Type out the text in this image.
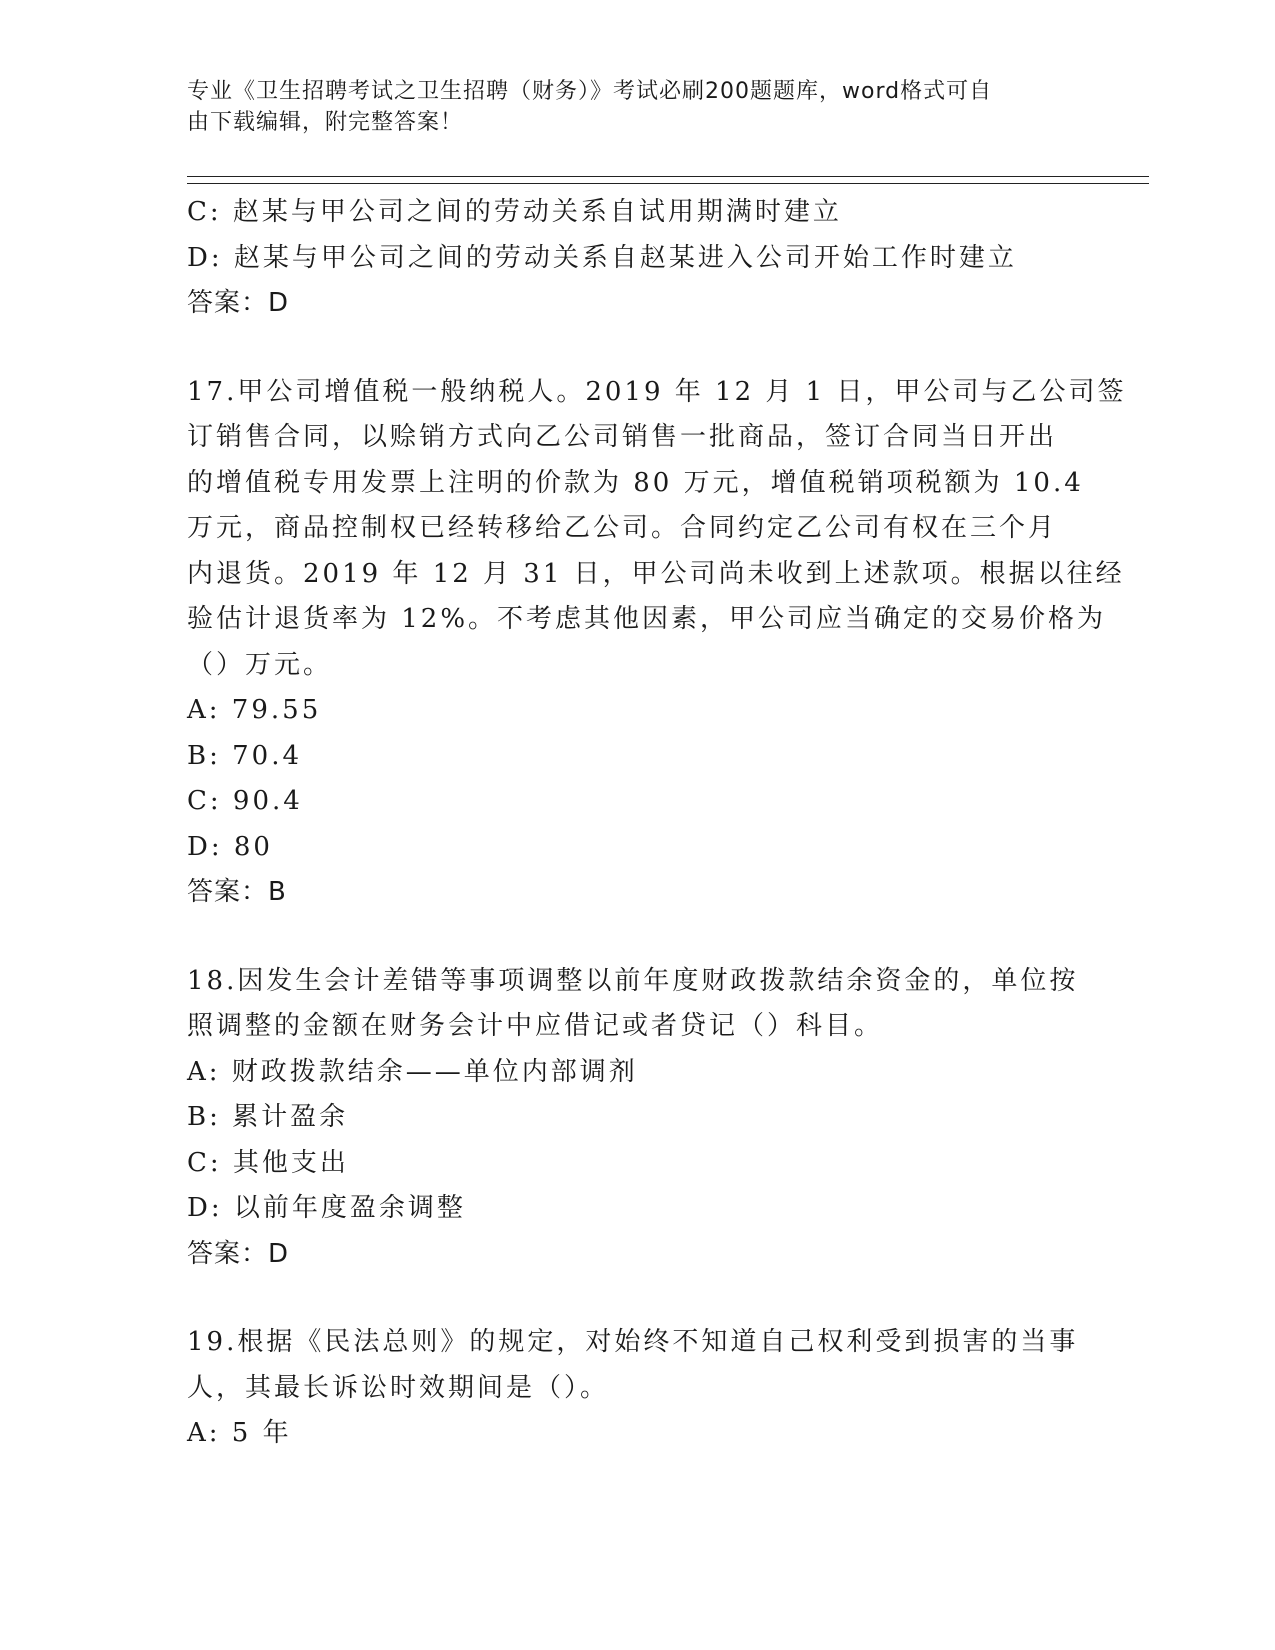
专业《卫生招聘考试之卫生招聘（财务）》考试必刷200题题库，word格式可自
由下载编辑，附完整答案！
C: 赵某与甲公司之间的劳动关系自试用期满时建立
D: 赵某与甲公司之间的劳动关系自赵某进入公司开始工作时建立
答案：D
17.甲公司增值税一般纳税人。2019 年 12 月 1 日，甲公司与乙公司签
订销售合同，以赊销方式向乙公司销售一批商品，签订合同当日开出
的增值税专用发票上注明的价款为 80 万元，增值税销项税额为 10.4
万元，商品控制权已经转移给乙公司。合同约定乙公司有权在三个月
内退货。2019 年 12 月 31 日，甲公司尚未收到上述款项。根据以往经
验估计退货率为 12%。不考虑其他因素，甲公司应当确定的交易价格为
（）万元。
A: 79.55
B: 70.4
C: 90.4
D: 80
答案：B
18.因发生会计差错等事项调整以前年度财政拨款结余资金的，单位按
照调整的金额在财务会计中应借记或者贷记（）科目。
A: 财政拨款结余——单位内部调剂
B: 累计盈余
C: 其他支出
D: 以前年度盈余调整
答案：D
19.根据《民法总则》的规定，对始终不知道自己权利受到损害的当事
人，其最长诉讼时效期间是（）。
A: 5 年
